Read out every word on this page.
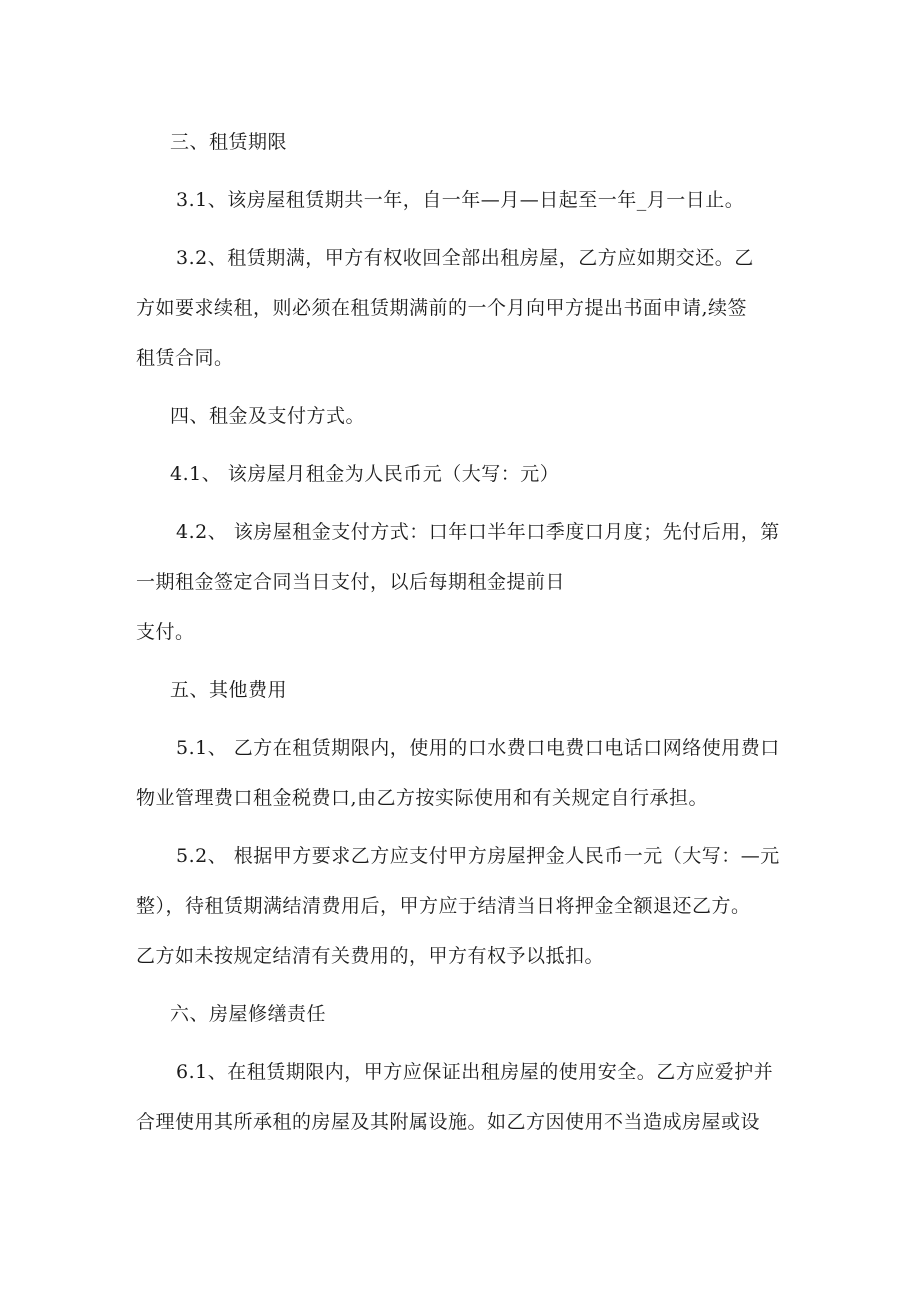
三、租赁期限
3.1、该房屋租赁期共一年，自一年—月—日起至一年_月一日止。
3.2、租赁期满，甲方有权收回全部出租房屋，乙方应如期交还。乙
方如要求续租，则必须在租赁期满前的一个月向甲方提出书面申请,续签
租赁合同。
四、租金及支付方式。
4.1、 该房屋月租金为人民币元（大写：元）
4.2、 该房屋租金支付方式：口年口半年口季度口月度；先付后用，第
一期租金签定合同当日支付，以后每期租金提前日
支付。
五、其他费用
5.1、 乙方在租赁期限内，使用的口水费口电费口电话口网络使用费口
物业管理费口租金税费口,由乙方按实际使用和有关规定自行承担。
5.2、 根据甲方要求乙方应支付甲方房屋押金人民币一元（大写：—元
整），待租赁期满结清费用后，甲方应于结清当日将押金全额退还乙方。
乙方如未按规定结清有关费用的，甲方有权予以抵扣。
六、房屋修缮责任
6.1、在租赁期限内，甲方应保证出租房屋的使用安全。乙方应爱护并
合理使用其所承租的房屋及其附属设施。如乙方因使用不当造成房屋或设
